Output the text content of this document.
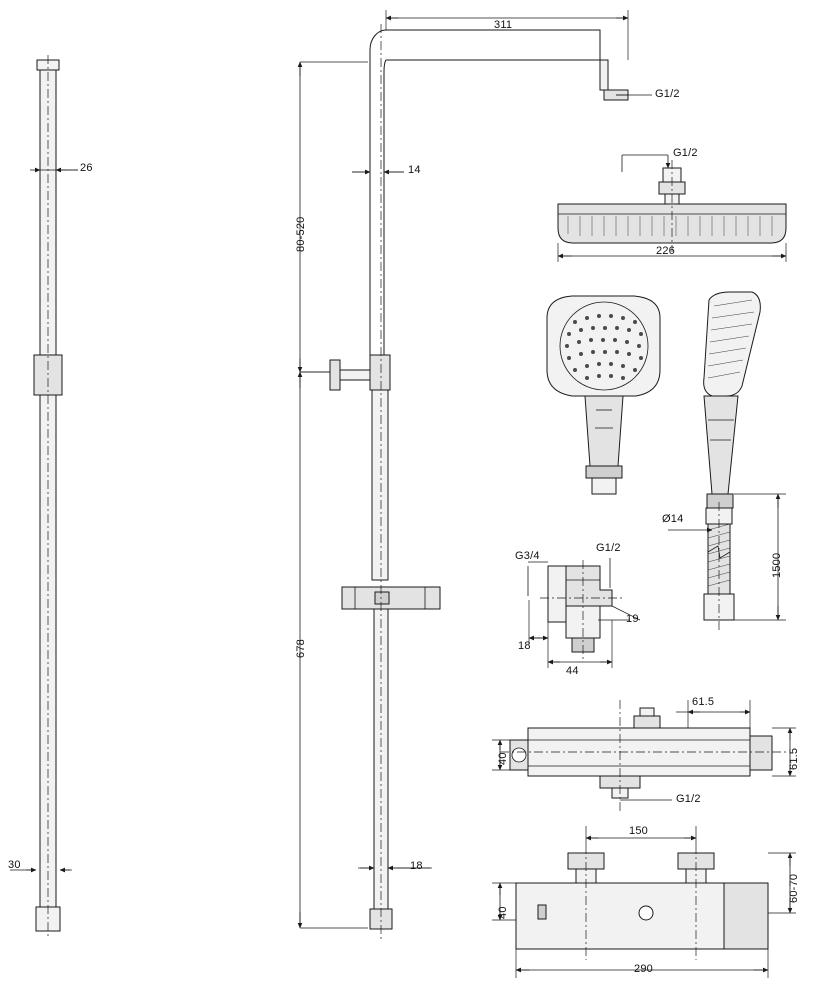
26
30
311
G1/2
14
80-520
678
18
G1/2
226
Ø14
1500
G3/4
G1/2
19
18
44
61.5
61.5
40
G1/2
150
40
60-70
290
